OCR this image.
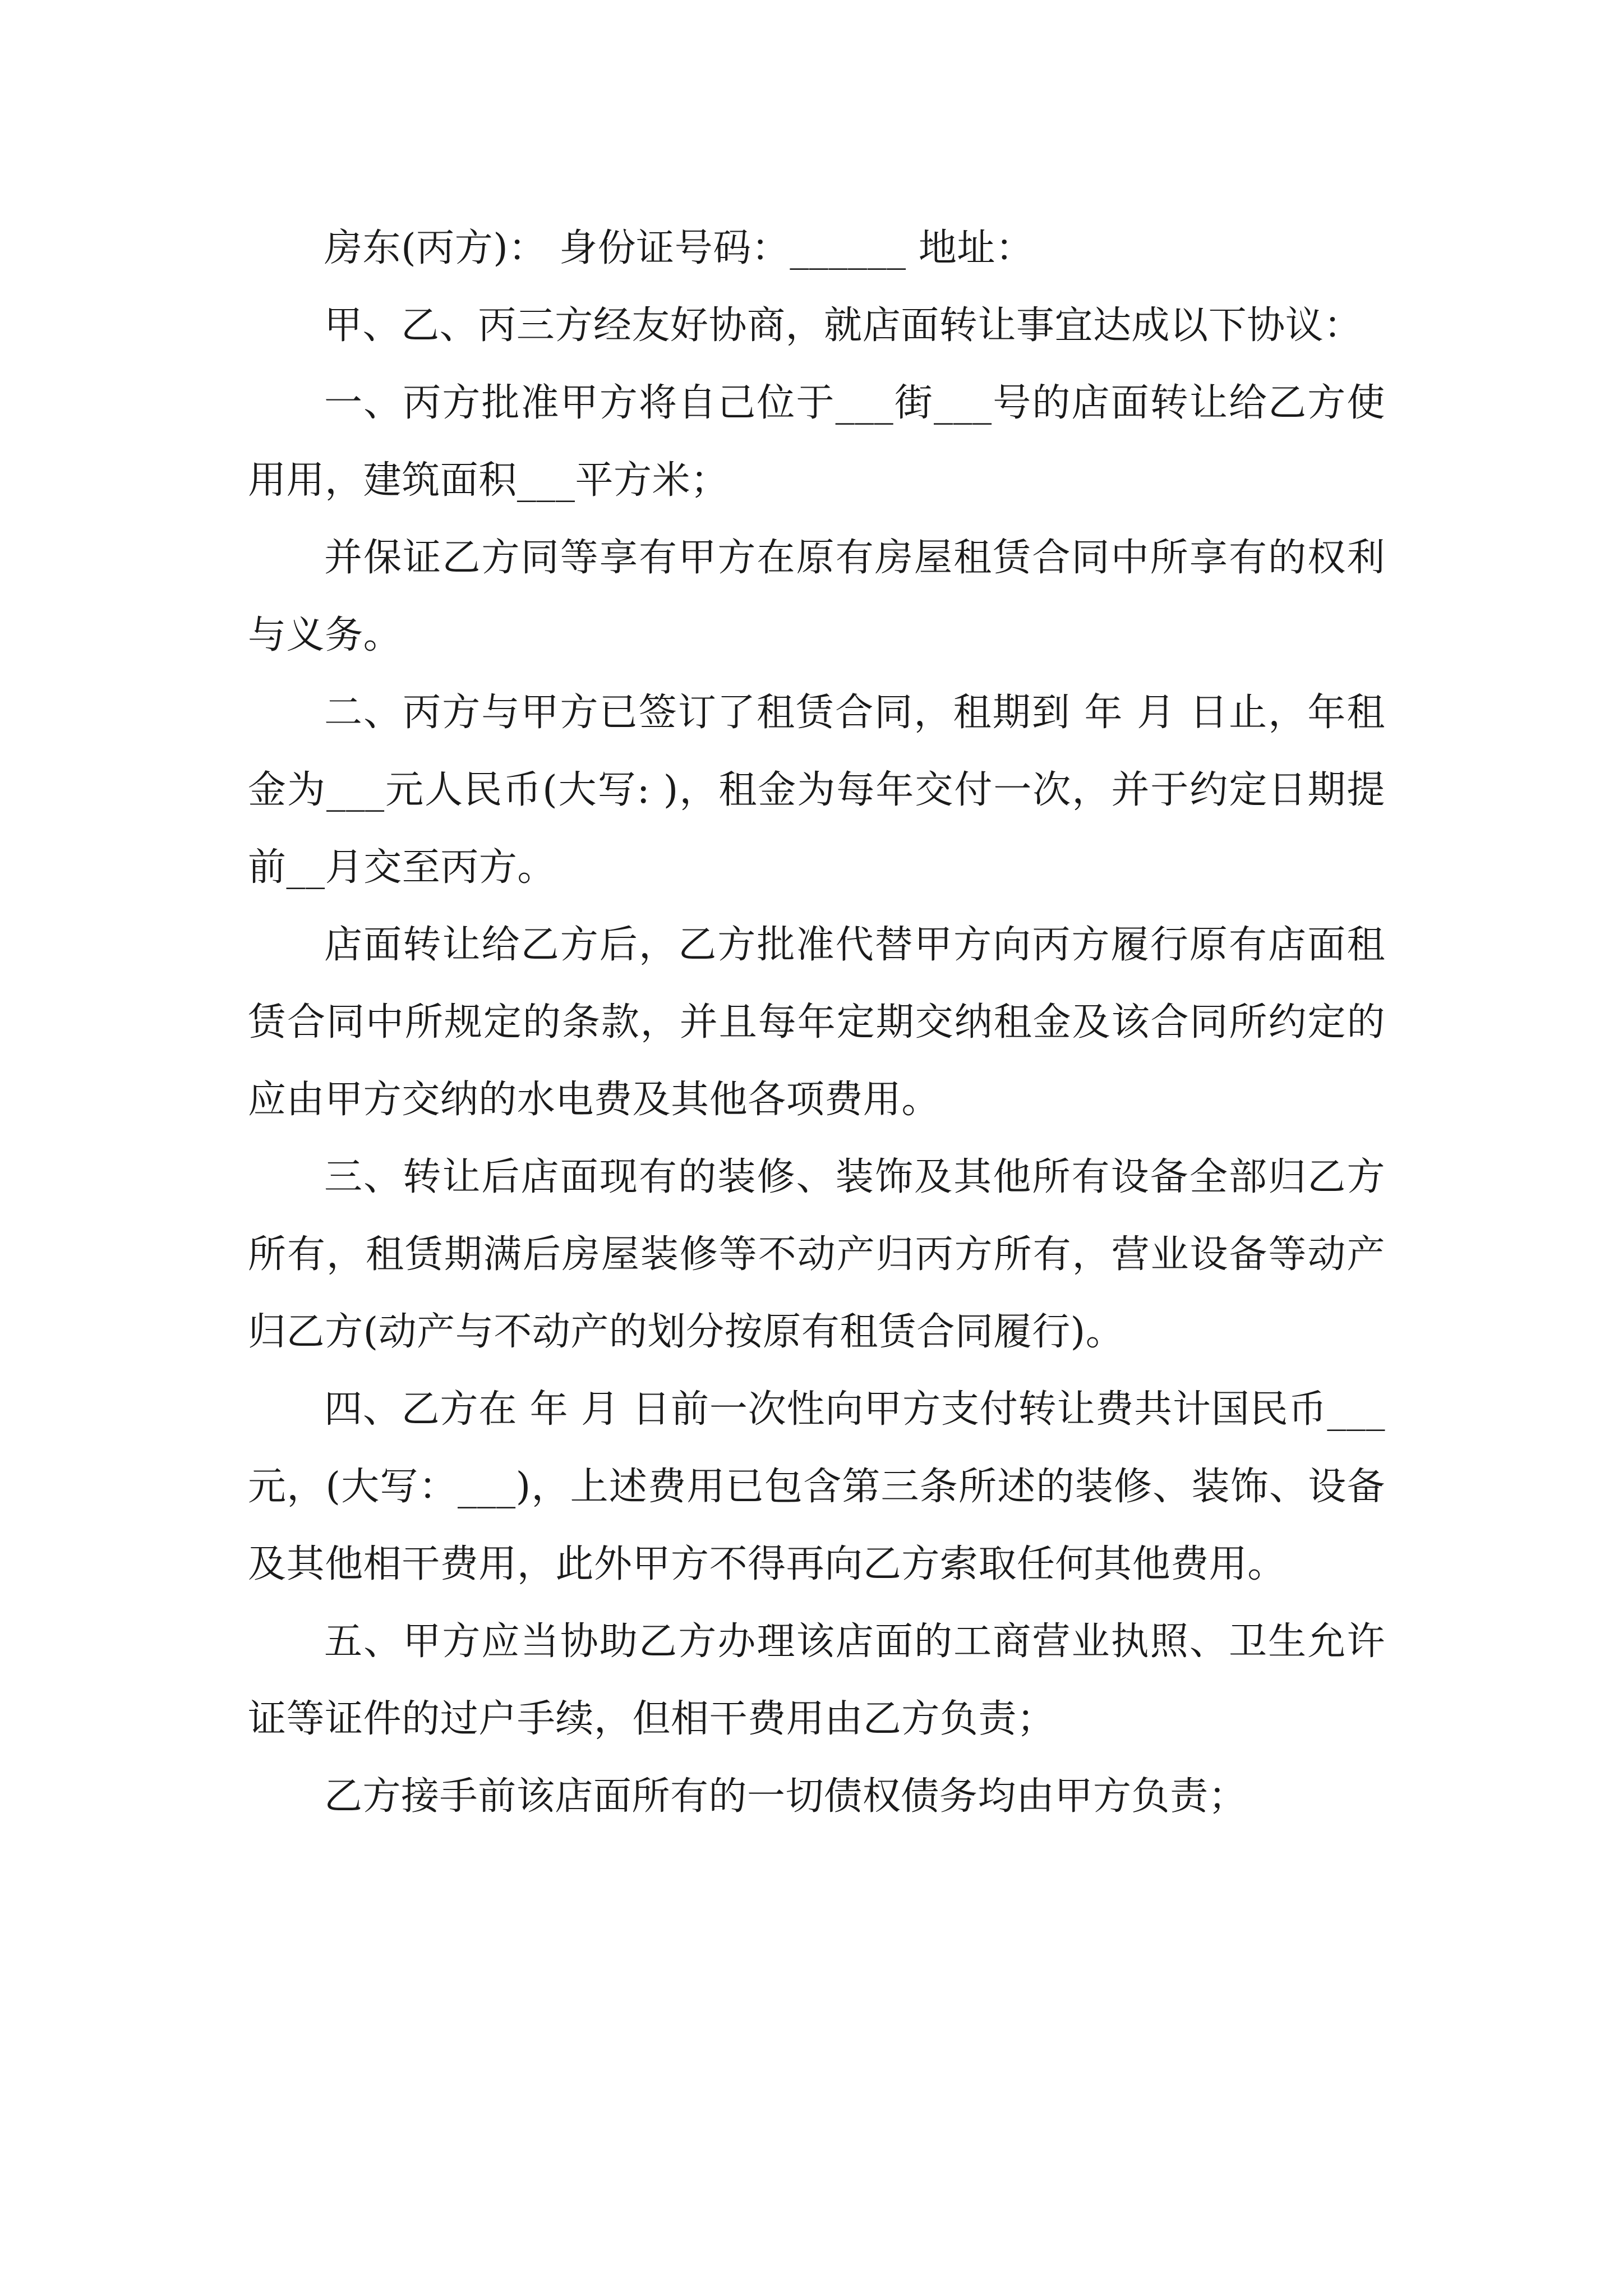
房东(丙方)： 身份证号码：______ 地址：

甲、乙、丙三方经友好协商，就店面转让事宜达成以下协议：

一、丙方批准甲方将自己位于___街___号的店面转让给乙方使用用，建筑面积___平方米；

并保证乙方同等享有甲方在原有房屋租赁合同中所享有的权利与义务。

二、丙方与甲方已签订了租赁合同，租期到 年 月 日止，年租金为___元人民币(大写: )，租金为每年交付一次，并于约定日期提前__月交至丙方。

店面转让给乙方后，乙方批准代替甲方向丙方履行原有店面租赁合同中所规定的条款，并且每年定期交纳租金及该合同所约定的应由甲方交纳的水电费及其他各项费用。

三、转让后店面现有的装修、装饰及其他所有设备全部归乙方所有，租赁期满后房屋装修等不动产归丙方所有，营业设备等动产归乙方(动产与不动产的划分按原有租赁合同履行)。

四、乙方在 年 月 日前一次性向甲方支付转让费共计国民币___元，(大写：___)，上述费用已包含第三条所述的装修、装饰、设备及其他相干费用，此外甲方不得再向乙方索取任何其他费用。

五、甲方应当协助乙方办理该店面的工商营业执照、卫生允许证等证件的过户手续，但相干费用由乙方负责；

乙方接手前该店面所有的一切债权债务均由甲方负责；
